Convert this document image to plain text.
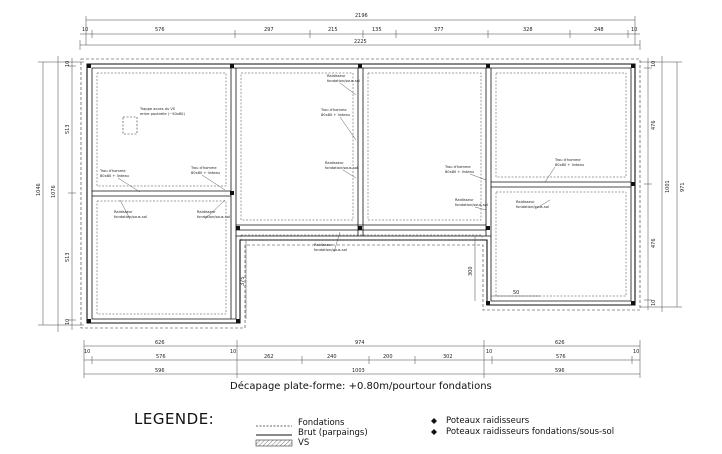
2196
10	10
576	297	215	135	377	328	248
2225
1046 1076
10
513
513
10
971
1001
10
476
476
10
10	10	10	10
626	974	626
576	262	240	200	302	576
596	1003	596
375
300
50
Trappe acces du VS
entre poutrelle (~50x80)
Trou d'homme
80x80 + linteau
Trou d'homme
80x80 + linteau
Trou d'homme
80x80 + linteau
Trou d'homme
80x80 + linteau
Trou d'homme
80x80 + linteau
Raidisseur
fondation/sous-sol
Raidisseur
fondation/sous-sol
Raidisseur
fondation/sous-sol
Raidisseur
fondation/sous-sol
Raidisseur
fondation/sous-sol
Raidisseur
fondation/sous-sol
Raidisseur
fondation/sous-sol
Décapage plate-forme: +0.80m/pourtour fondations
LEGENDE:	Fondations
Brut (parpaings)
VS
Poteaux raidisseurs
Poteaux raidisseurs fondations/sous-sol
